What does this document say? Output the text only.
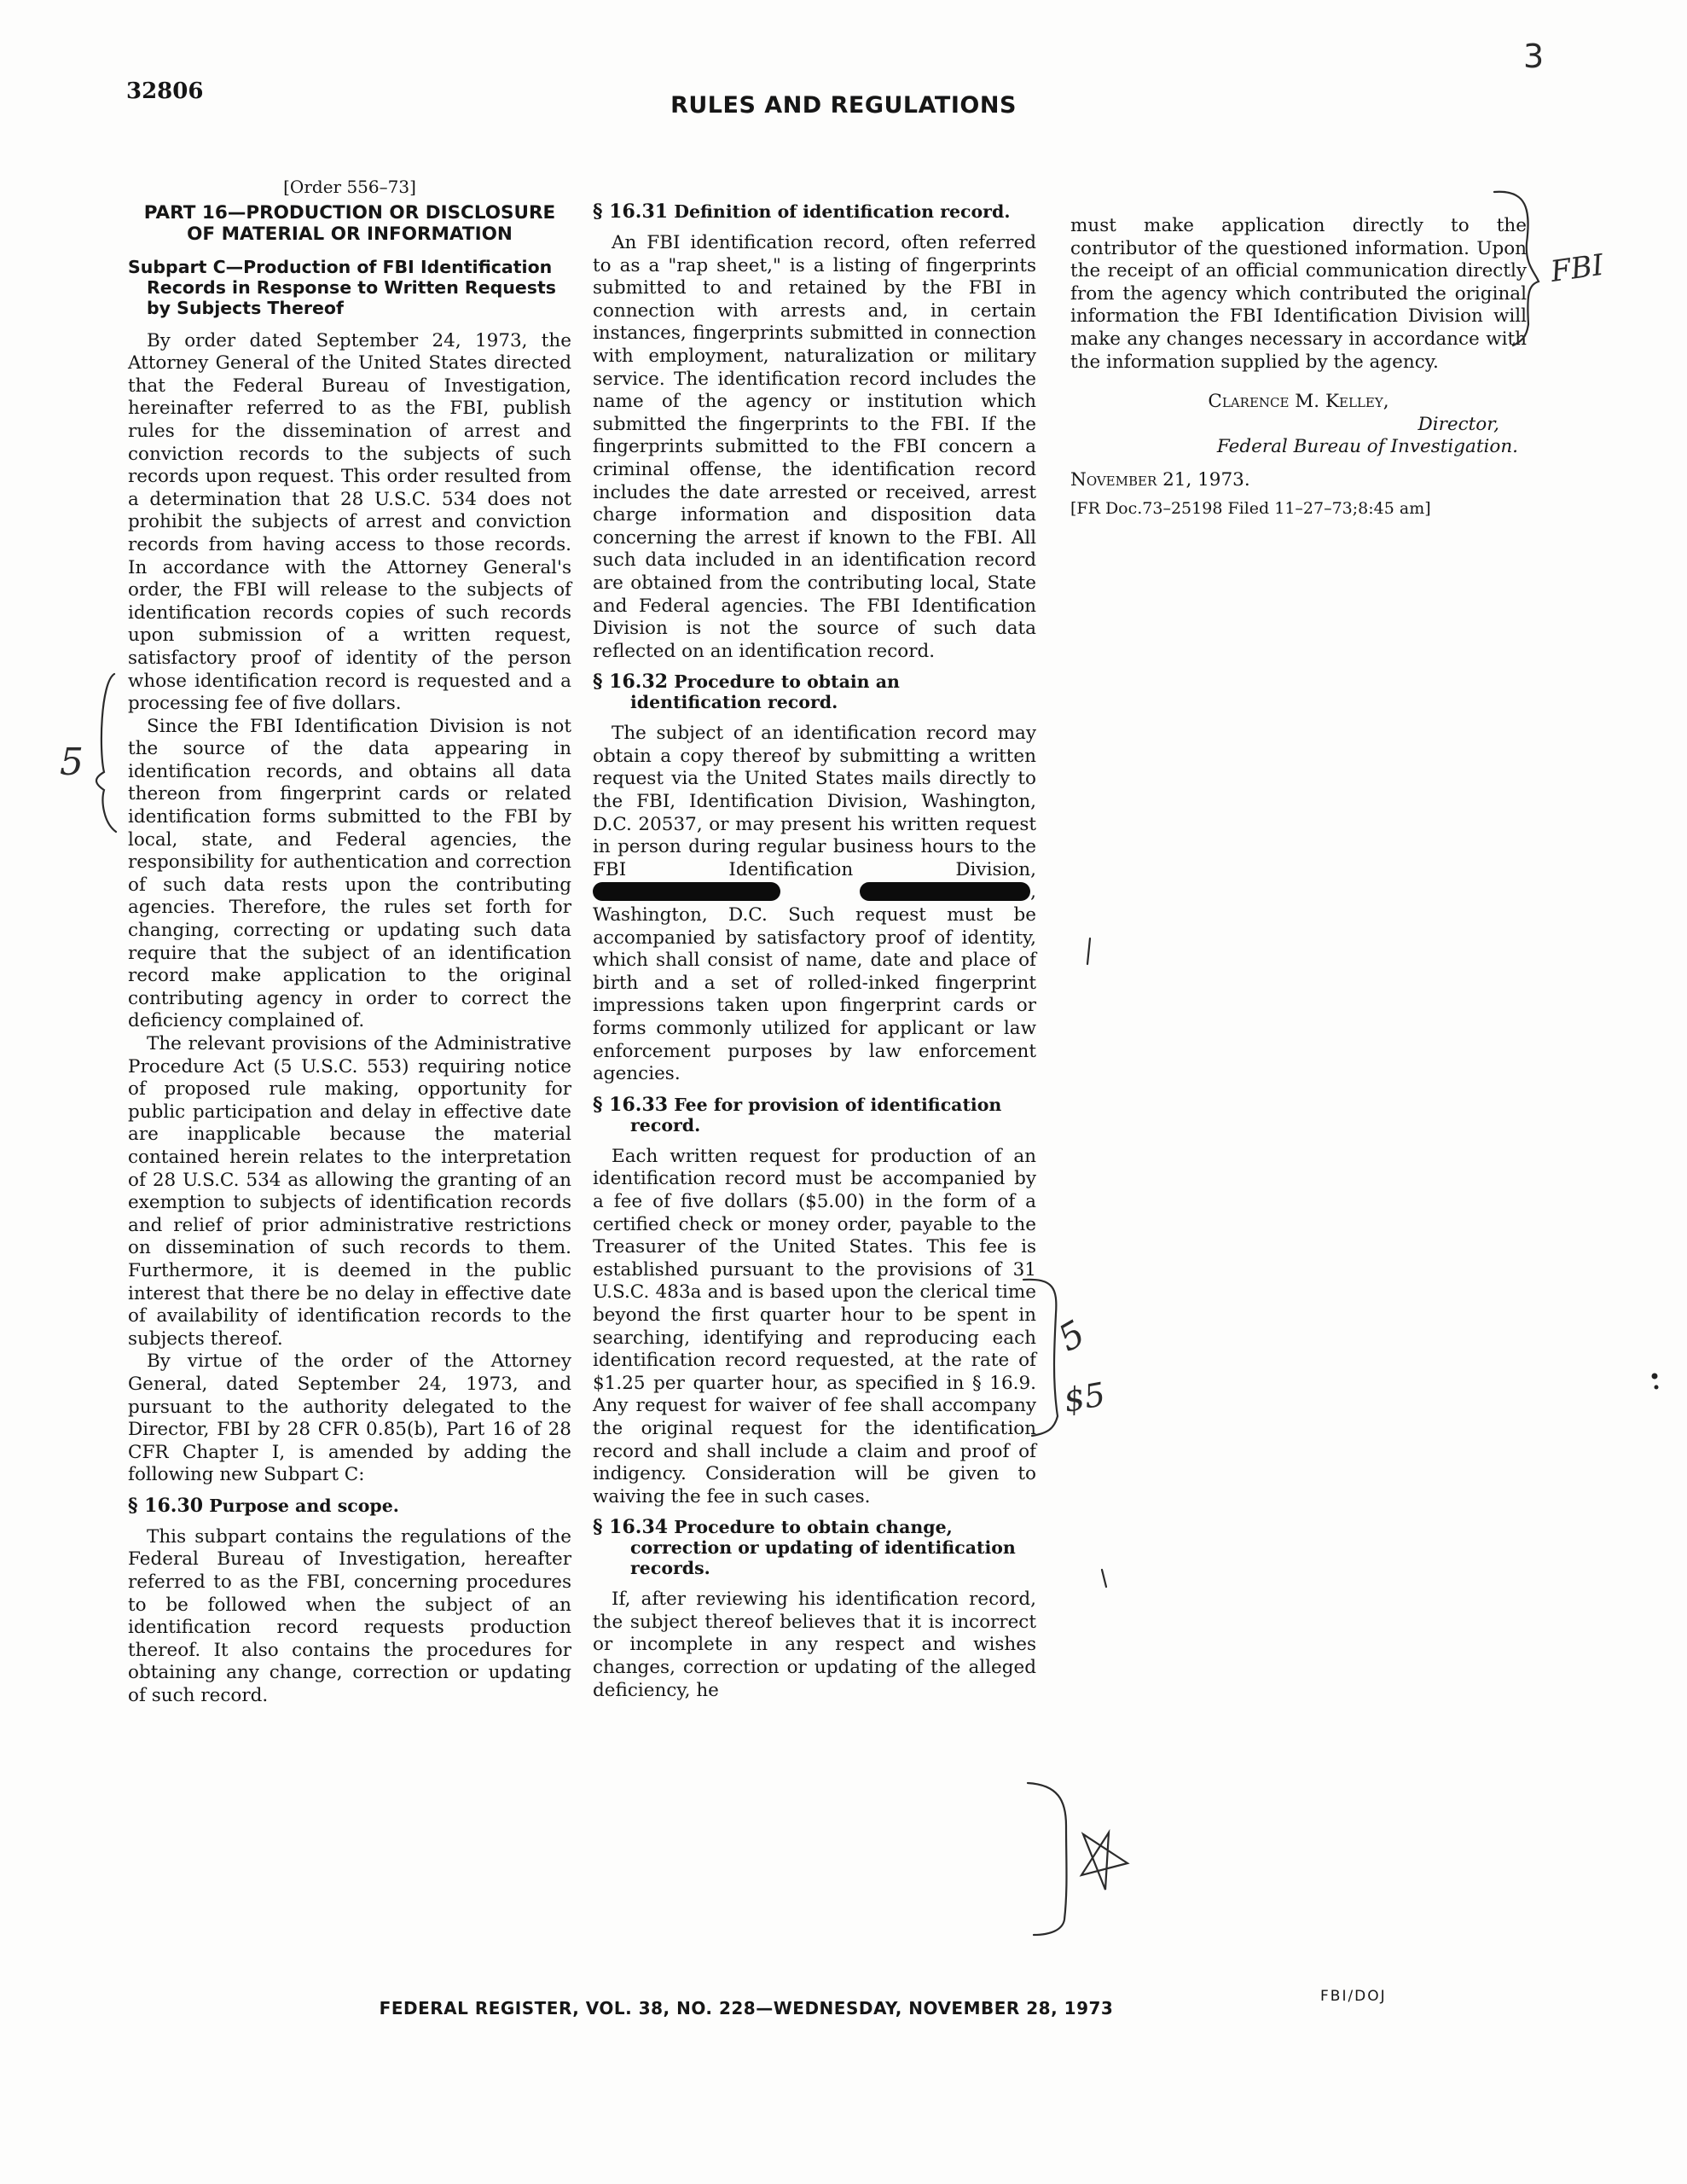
32806
RULES AND REGULATIONS
3
[Order 556–73]
PART 16—PRODUCTION OR DISCLOSURE OF MATERIAL OR INFORMATION
Subpart C—Production of FBI Identification Records in Response to Written Requests by Subjects Thereof

By order dated September 24, 1973, the Attorney General of the United States directed that the Federal Bureau of Investigation, hereinafter referred to as the FBI, publish rules for the dissemination of arrest and conviction records to the subjects of such records upon request. This order resulted from a determination that 28 U.S.C. 534 does not prohibit the subjects of arrest and conviction records from having access to those records. In accordance with the Attorney General's order, the FBI will release to the subjects of identification records copies of such records upon submission of a written request, satisfactory proof of identity of the person whose identification record is requested and a processing fee of five dollars.

Since the FBI Identification Division is not the source of the data appearing in identification records, and obtains all data thereon from fingerprint cards or related identification forms submitted to the FBI by local, state, and Federal agencies, the responsibility for authentication and correction of such data rests upon the contributing agencies. Therefore, the rules set forth for changing, correcting or updating such data require that the subject of an identification record make application to the original contributing agency in order to correct the deficiency complained of.

The relevant provisions of the Administrative Procedure Act (5 U.S.C. 553) requiring notice of proposed rule making, opportunity for public participation and delay in effective date are inapplicable because the material contained herein relates to the interpretation of 28 U.S.C. 534 as allowing the granting of an exemption to subjects of identification records and relief of prior administrative restrictions on dissemination of such records to them. Furthermore, it is deemed in the public interest that there be no delay in effective date of availability of identification records to the subjects thereof.

By virtue of the order of the Attorney General, dated September 24, 1973, and pursuant to the authority delegated to the Director, FBI by 28 CFR 0.85(b), Part 16 of 28 CFR Chapter I, is amended by adding the following new Subpart C:

§ 16.30 Purpose and scope.

This subpart contains the regulations of the Federal Bureau of Investigation, hereafter referred to as the FBI, concerning procedures to be followed when the subject of an identification record requests production thereof. It also contains the procedures for obtaining any change, correction or updating of such record.

§ 16.31 Definition of identification record.

An FBI identification record, often referred to as a "rap sheet," is a listing of fingerprints submitted to and retained by the FBI in connection with arrests and, in certain instances, fingerprints submitted in connection with employment, naturalization or military service. The identification record includes the name of the agency or institution which submitted the fingerprints to the FBI. If the fingerprints submitted to the FBI concern a criminal offense, the identification record includes the date arrested or received, arrest charge information and disposition data concerning the arrest if known to the FBI. All such data included in an identification record are obtained from the contributing local, State and Federal agencies. The FBI Identification Division is not the source of such data reflected on an identification record.

§ 16.32 Procedure to obtain an identification record.

The subject of an identification record may obtain a copy thereof by submitting a written request via the United States mails directly to the FBI, Identification Division, Washington, D.C. 20537, or may present his written request in person during regular business hours to the FBI Identification Division,  , Washington, D.C. Such request must be accompanied by satisfactory proof of identity, which shall consist of name, date and place of birth and a set of rolled-inked fingerprint impressions taken upon fingerprint cards or forms commonly utilized for applicant or law enforcement purposes by law enforcement agencies.

§ 16.33 Fee for provision of identification record.

Each written request for production of an identification record must be accompanied by a fee of five dollars ($5.00) in the form of a certified check or money order, payable to the Treasurer of the United States. This fee is established pursuant to the provisions of 31 U.S.C. 483a and is based upon the clerical time beyond the first quarter hour to be spent in searching, identifying and reproducing each identification record requested, at the rate of $1.25 per quarter hour, as specified in § 16.9. Any request for waiver of fee shall accompany the original request for the identification record and shall include a claim and proof of indigency. Consideration will be given to waiving the fee in such cases.

§ 16.34 Procedure to obtain change, correction or updating of identification records.

If, after reviewing his identification record, the subject thereof believes that it is incorrect or incomplete in any respect and wishes changes, correction or updating of the alleged deficiency, he

must make application directly to the contributor of the questioned information. Upon the receipt of an official communication directly from the agency which contributed the original information the FBI Identification Division will make any changes necessary in accordance with the information supplied by the agency.

Clarence M. Kelley,
Director,
Federal Bureau of Investigation.
November 21, 1973.
[FR Doc.73–25198 Filed 11–27–73;8:45 am]
FEDERAL REGISTER, VOL. 38, NO. 228—WEDNESDAY, NOVEMBER 28, 1973
FBI/DOJ
FBI
5
5
$5
